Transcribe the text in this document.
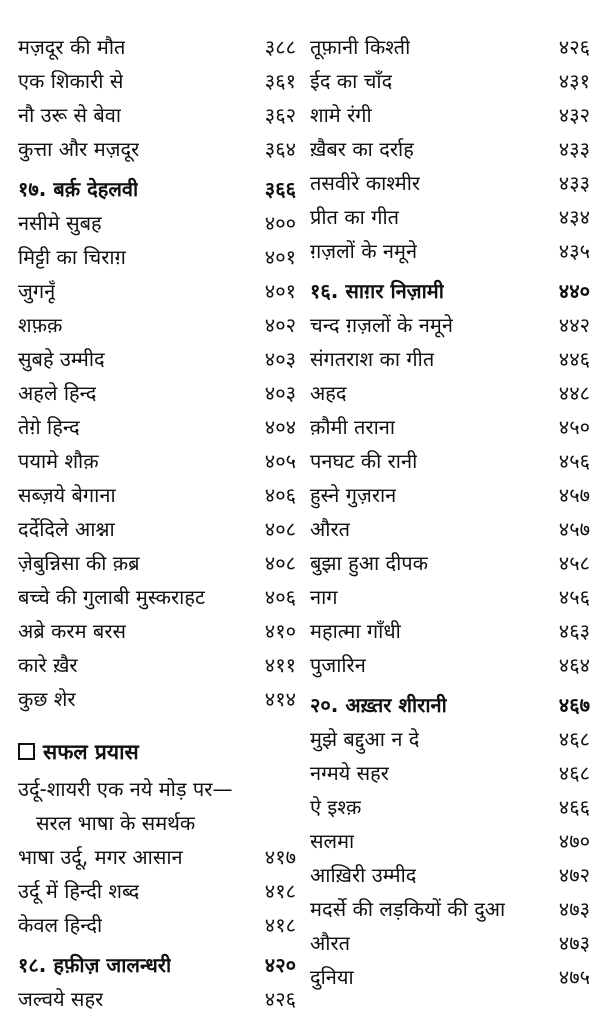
मज़दूर की मौत	३८८
एक शिकारी से	३६१
नौ उरू से बेवा	३६२
कुत्ता और मज़दूर	३६४
१७. बर्क़ देहलवी	३६६
नसीमे सुबह	४००
मिट्टी का चिराग़	४०१
जुगनूँ	४०१
शफ़क़	४०२
सुबहे उम्मीद	४०३
अहले हिन्द	४०३
तेग़े हिन्द	४०४
पयामे शौक़	४०५
सब्ज़ये बेगाना	४०६
दर्देदिले आश्ना	४०८
ज़ेबुन्निसा की क़ब्र	४०८
बच्चे की गुलाबी मुस्कराहट	४०६
अब्रे करम बरस	४१०
कारे ख़ैर	४११
कुछ शेर	४१४
सफल प्रयास
उर्दू-शायरी एक नये मोड़ पर—
सरल भाषा के समर्थक
भाषा उर्दू, मगर आसान	४१७
उर्दू में हिन्दी शब्द	४१८
केवल हिन्दी	४१८
१८. हफ़ीज़ जालन्धरी	४२०
जल्वये सहर	४२६
तूफ़ानी किश्ती	४२६
ईद का चाँद	४३१
शामे रंगी	४३२
ख़ैबर का दर्राह	४३३
तसवीरे काश्मीर	४३३
प्रीत का गीत	४३४
ग़ज़लों के नमूने	४३५
१६. साग़र निज़ामी	४४०
चन्द ग़ज़लों के नमूने	४४२
संगतराश का गीत	४४६
अहद	४४८
क़ौमी तराना	४५०
पनघट की रानी	४५६
हुस्ने गुज़रान	४५७
औरत	४५७
बुझा हुआ दीपक	४५८
नाग	४५६
महात्मा गाँधी	४६३
पुजारिन	४६४
२०. अख़्तर शीरानी	४६७
मुझे बद्दुआ न दे	४६८
नग्मये सहर	४६८
ऐ इश्क़	४६६
सलमा	४७०
आख़िरी उम्मीद	४७२
मदर्से की लड़कियों की दुआ	४७३
औरत	४७३
दुनिया	४७५
